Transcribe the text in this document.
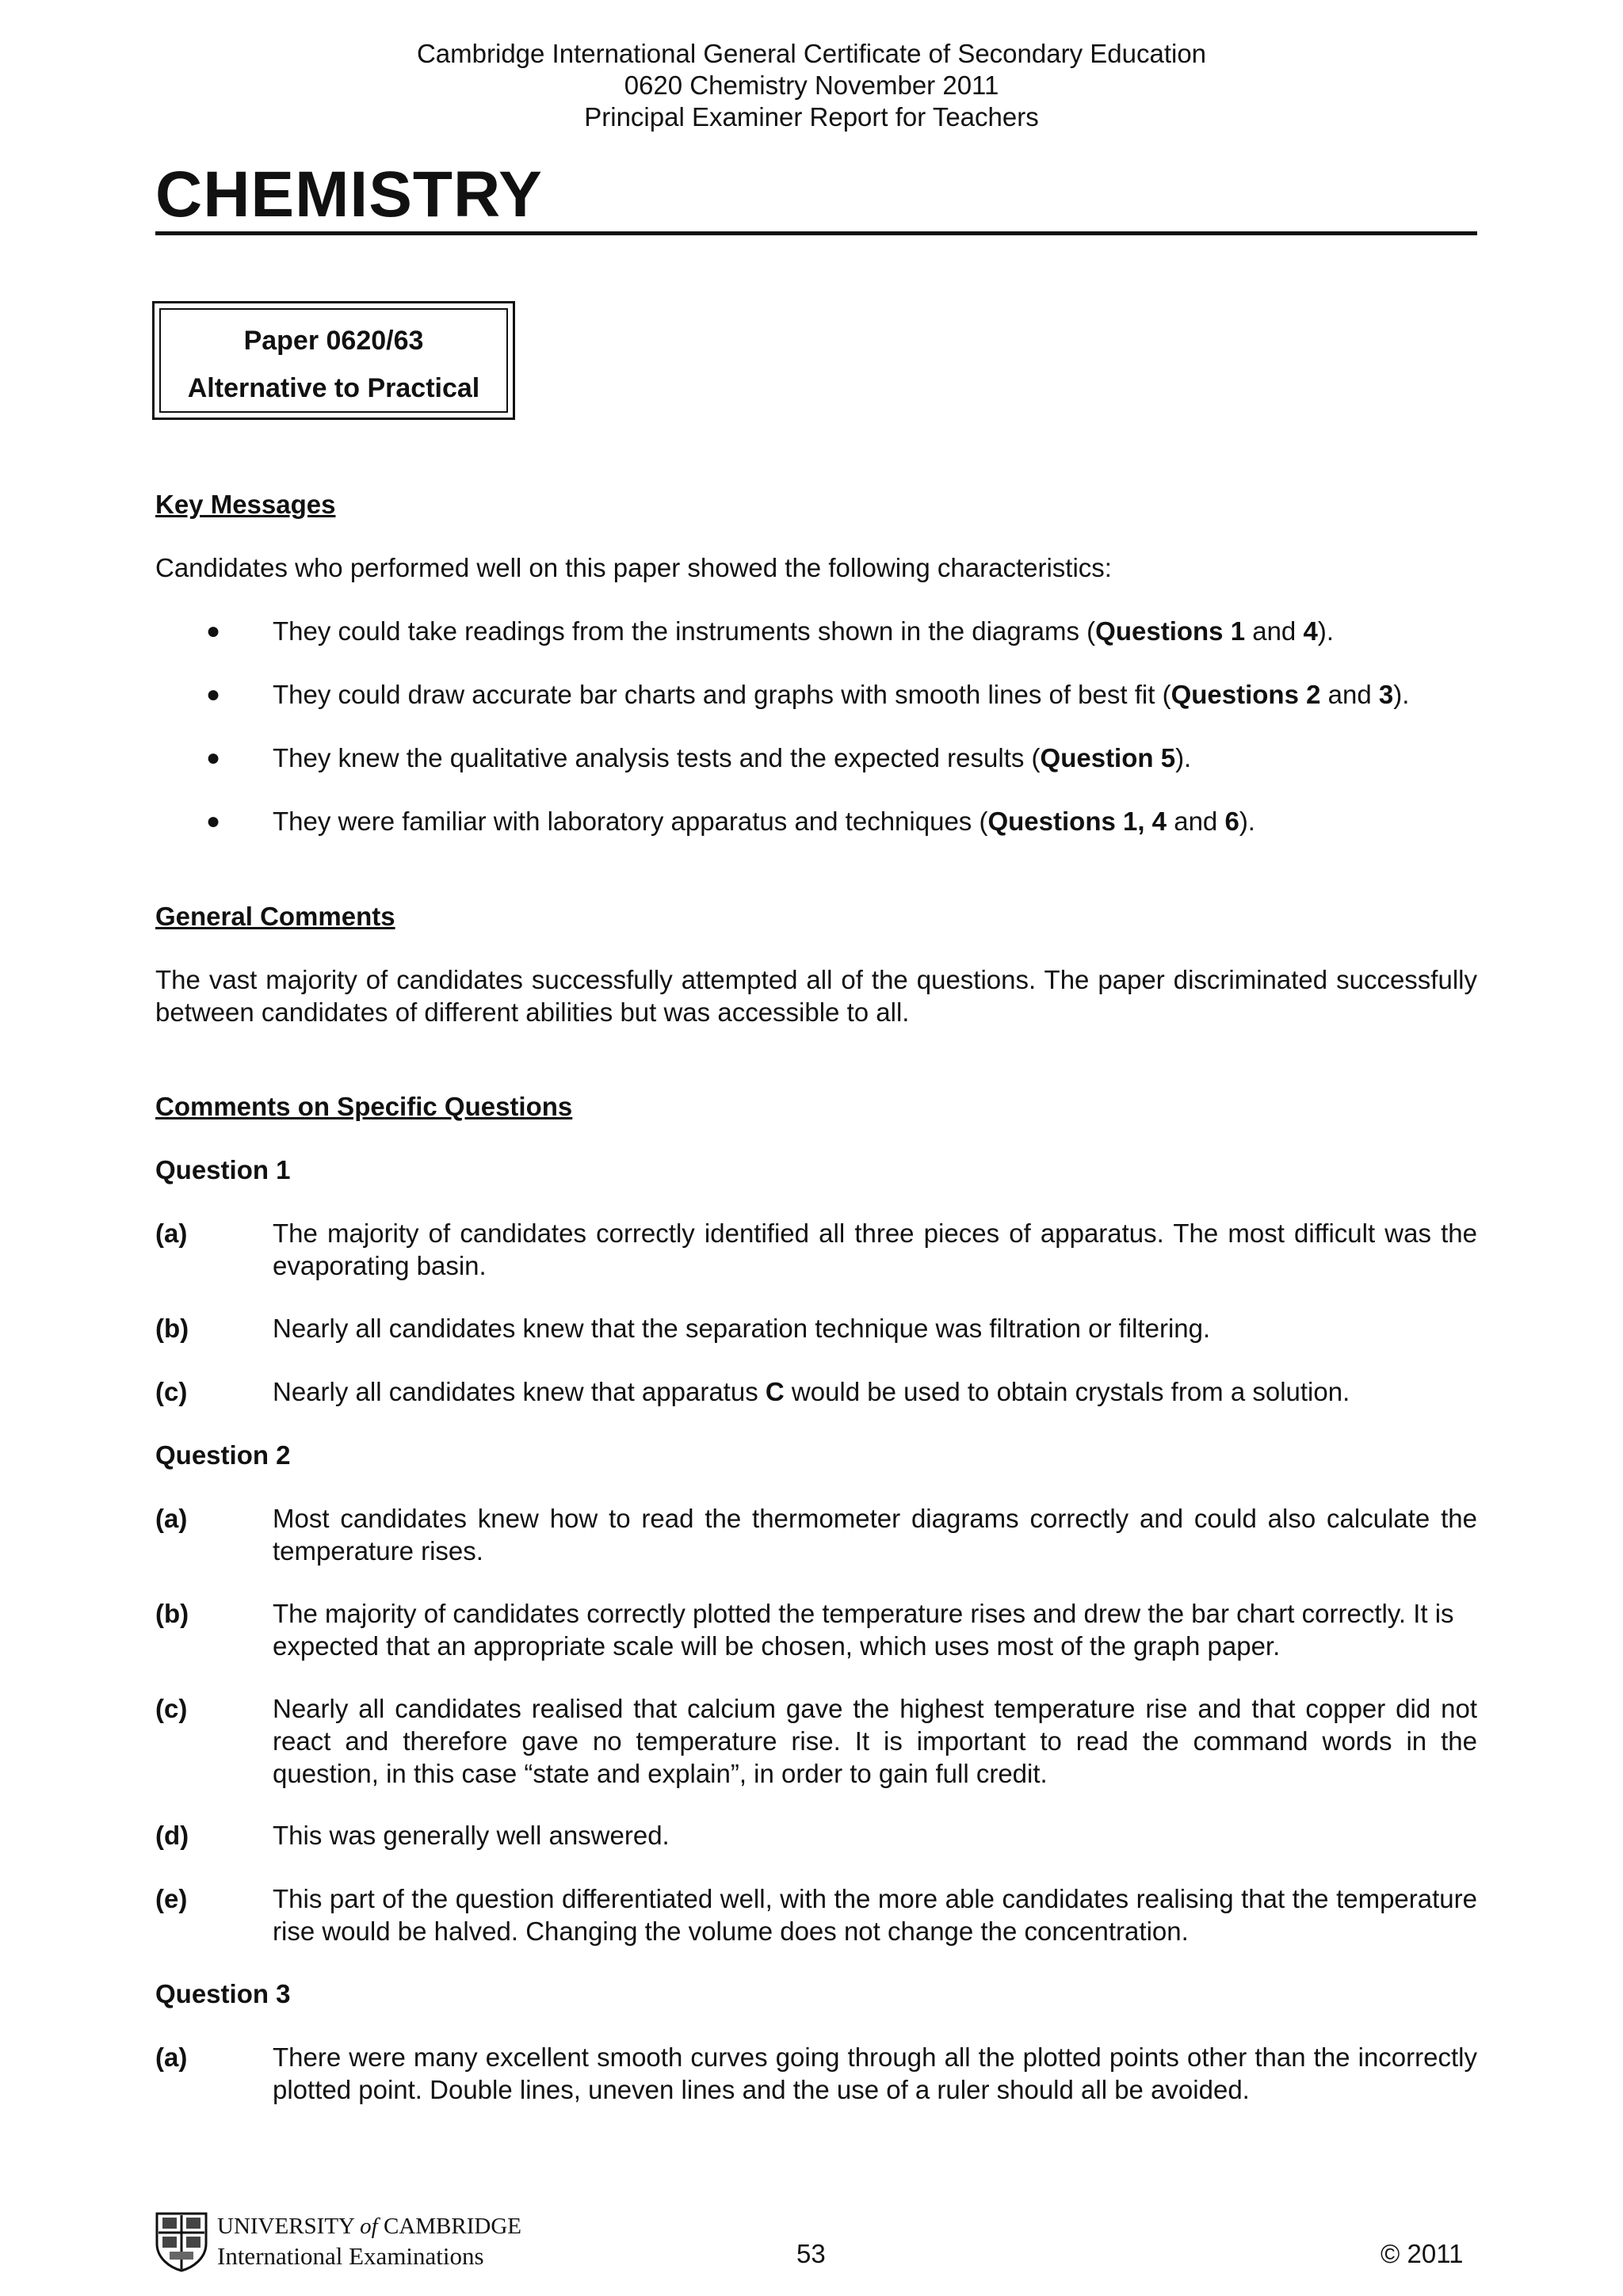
Cambridge International General Certificate of Secondary Education
0620 Chemistry November 2011
Principal Examiner Report for Teachers
CHEMISTRY
Paper 0620/63
Alternative to Practical
Key Messages
Candidates who performed well on this paper showed the following characteristics:
● They could take readings from the instruments shown in the diagrams (Questions 1 and 4).
● They could draw accurate bar charts and graphs with smooth lines of best fit (Questions 2 and 3).
● They knew the qualitative analysis tests and the expected results (Question 5).
● They were familiar with laboratory apparatus and techniques (Questions 1, 4 and 6).
General Comments
The vast majority of candidates successfully attempted all of the questions. The paper discriminated successfully between candidates of different abilities but was accessible to all.
Comments on Specific Questions
Question 1
(a)	The majority of candidates correctly identified all three pieces of apparatus. The most difficult was the evaporating basin.
(b)	Nearly all candidates knew that the separation technique was filtration or filtering.
(c)	Nearly all candidates knew that apparatus C would be used to obtain crystals from a solution.
Question 2
(a)	Most candidates knew how to read the thermometer diagrams correctly and could also calculate the temperature rises.
(b)	The majority of candidates correctly plotted the temperature rises and drew the bar chart correctly. It is expected that an appropriate scale will be chosen, which uses most of the graph paper.
(c)	Nearly all candidates realised that calcium gave the highest temperature rise and that copper did not react and therefore gave no temperature rise. It is important to read the command words in the question, in this case “state and explain”, in order to gain full credit.
(d)	This was generally well answered.
(e)	This part of the question differentiated well, with the more able candidates realising that the temperature rise would be halved. Changing the volume does not change the concentration.
Question 3
(a)	There were many excellent smooth curves going through all the plotted points other than the incorrectly plotted point. Double lines, uneven lines and the use of a ruler should all be avoided.
UNIVERSITY of CAMBRIDGE
International Examinations	53	© 2011
